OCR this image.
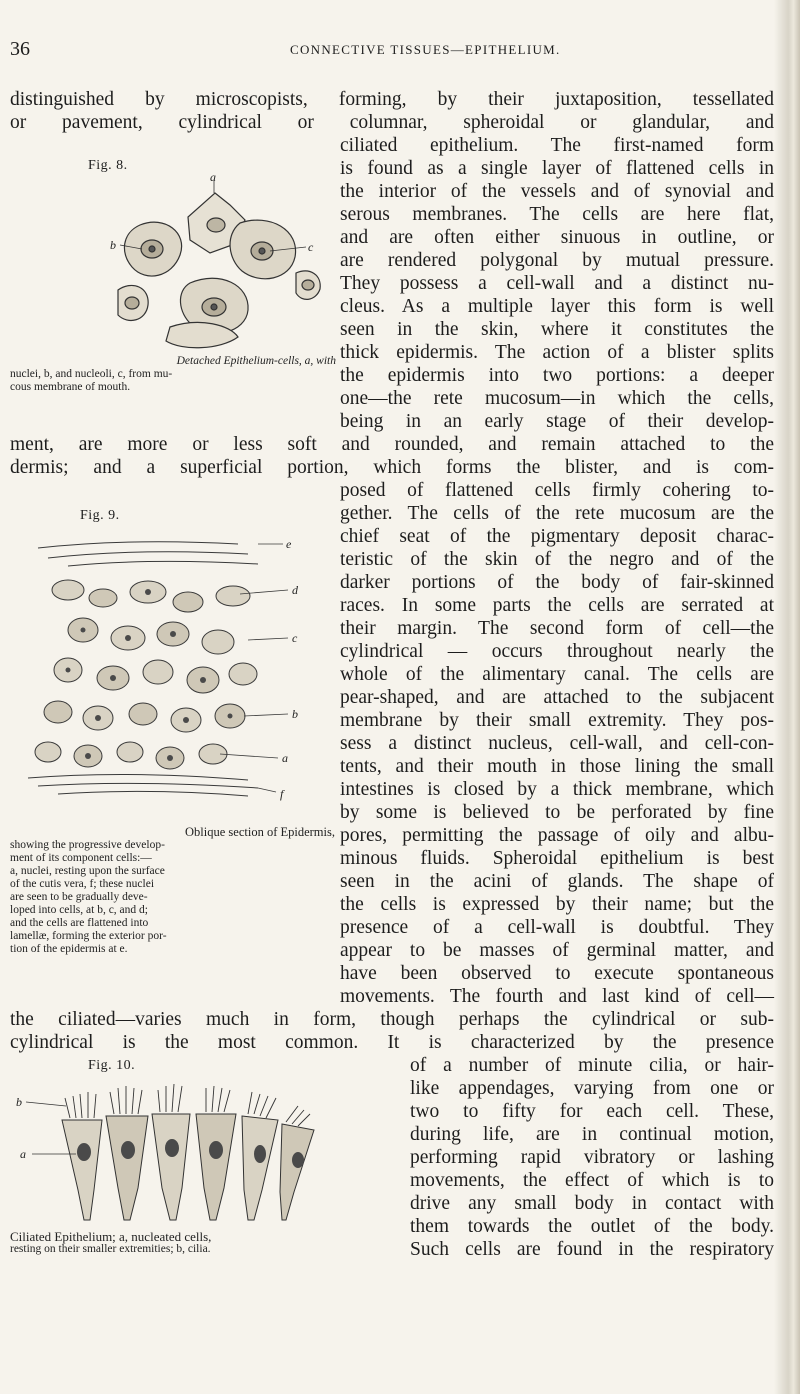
36	CONNECTIVE TISSUES—EPITHELIUM.
distinguished by microscopists, forming, by their juxtaposition, tessellated
or pavement, cylindrical or columnar, spheroidal or glandular, and
ciliated epithelium. The first-named form
is found as a single layer of flattened cells in
the interior of the vessels and of synovial and
serous membranes. The cells are here flat,
and are often either sinuous in outline, or
are rendered polygonal by mutual pressure.
They possess a cell-wall and a distinct nu-
cleus. As a multiple layer this form is well
seen in the skin, where it constitutes the
thick epidermis. The action of a blister splits
the epidermis into two portions: a deeper
one—the rete mucosum—in which the cells,
being in an early stage of their develop-
ment, are more or less soft and rounded, and remain attached to the
dermis; and a superficial portion, which forms the blister, and is com-
posed of flattened cells firmly cohering to-
gether. The cells of the rete mucosum are the
chief seat of the pigmentary deposit charac-
teristic of the skin of the negro and of the
darker portions of the body of fair-skinned
races. In some parts the cells are serrated at
their margin. The second form of cell—the
cylindrical — occurs throughout nearly the
whole of the alimentary canal. The cells are
pear-shaped, and are attached to the subjacent
membrane by their small extremity. They pos-
sess a distinct nucleus, cell-wall, and cell-con-
tents, and their mouth in those lining the small
intestines is closed by a thick membrane, which
by some is believed to be perforated by fine
pores, permitting the passage of oily and albu-
minous fluids. Spheroidal epithelium is best
seen in the acini of glands. The shape of
the cells is expressed by their name; but the
presence of a cell-wall is doubtful. They
appear to be masses of germinal matter, and
have been observed to execute spontaneous
movements. The fourth and last kind of cell—
the ciliated—varies much in form, though perhaps the cylindrical or sub-
cylindrical is the most common. It is characterized by the presence
of a number of minute cilia, or hair-
like appendages, varying from one or
two to fifty for each cell. These,
during life, are in continual motion,
performing rapid vibratory or lashing
movements, the effect of which is to
drive any small body in contact with
them towards the outlet of the body.
Such cells are found in the respiratory
Fig. 8.
a
b	c
Detached Epithelium-cells, a, with
nuclei, b, and nucleoli, c, from mu-
cous membrane of mouth.
Fig. 9.
e
d
c
b
a
f
Oblique section of Epidermis,
showing the progressive develop-
ment of its component cells:—
a, nuclei, resting upon the surface
of the cutis vera, f; these nuclei
are seen to be gradually deve-
loped into cells, at b, c, and d;
and the cells are flattened into
lamellæ, forming the exterior por-
tion of the epidermis at e.
Fig. 10.
b
a
Ciliated Epithelium; a, nucleated cells,
resting on their smaller extremities; b, cilia.
